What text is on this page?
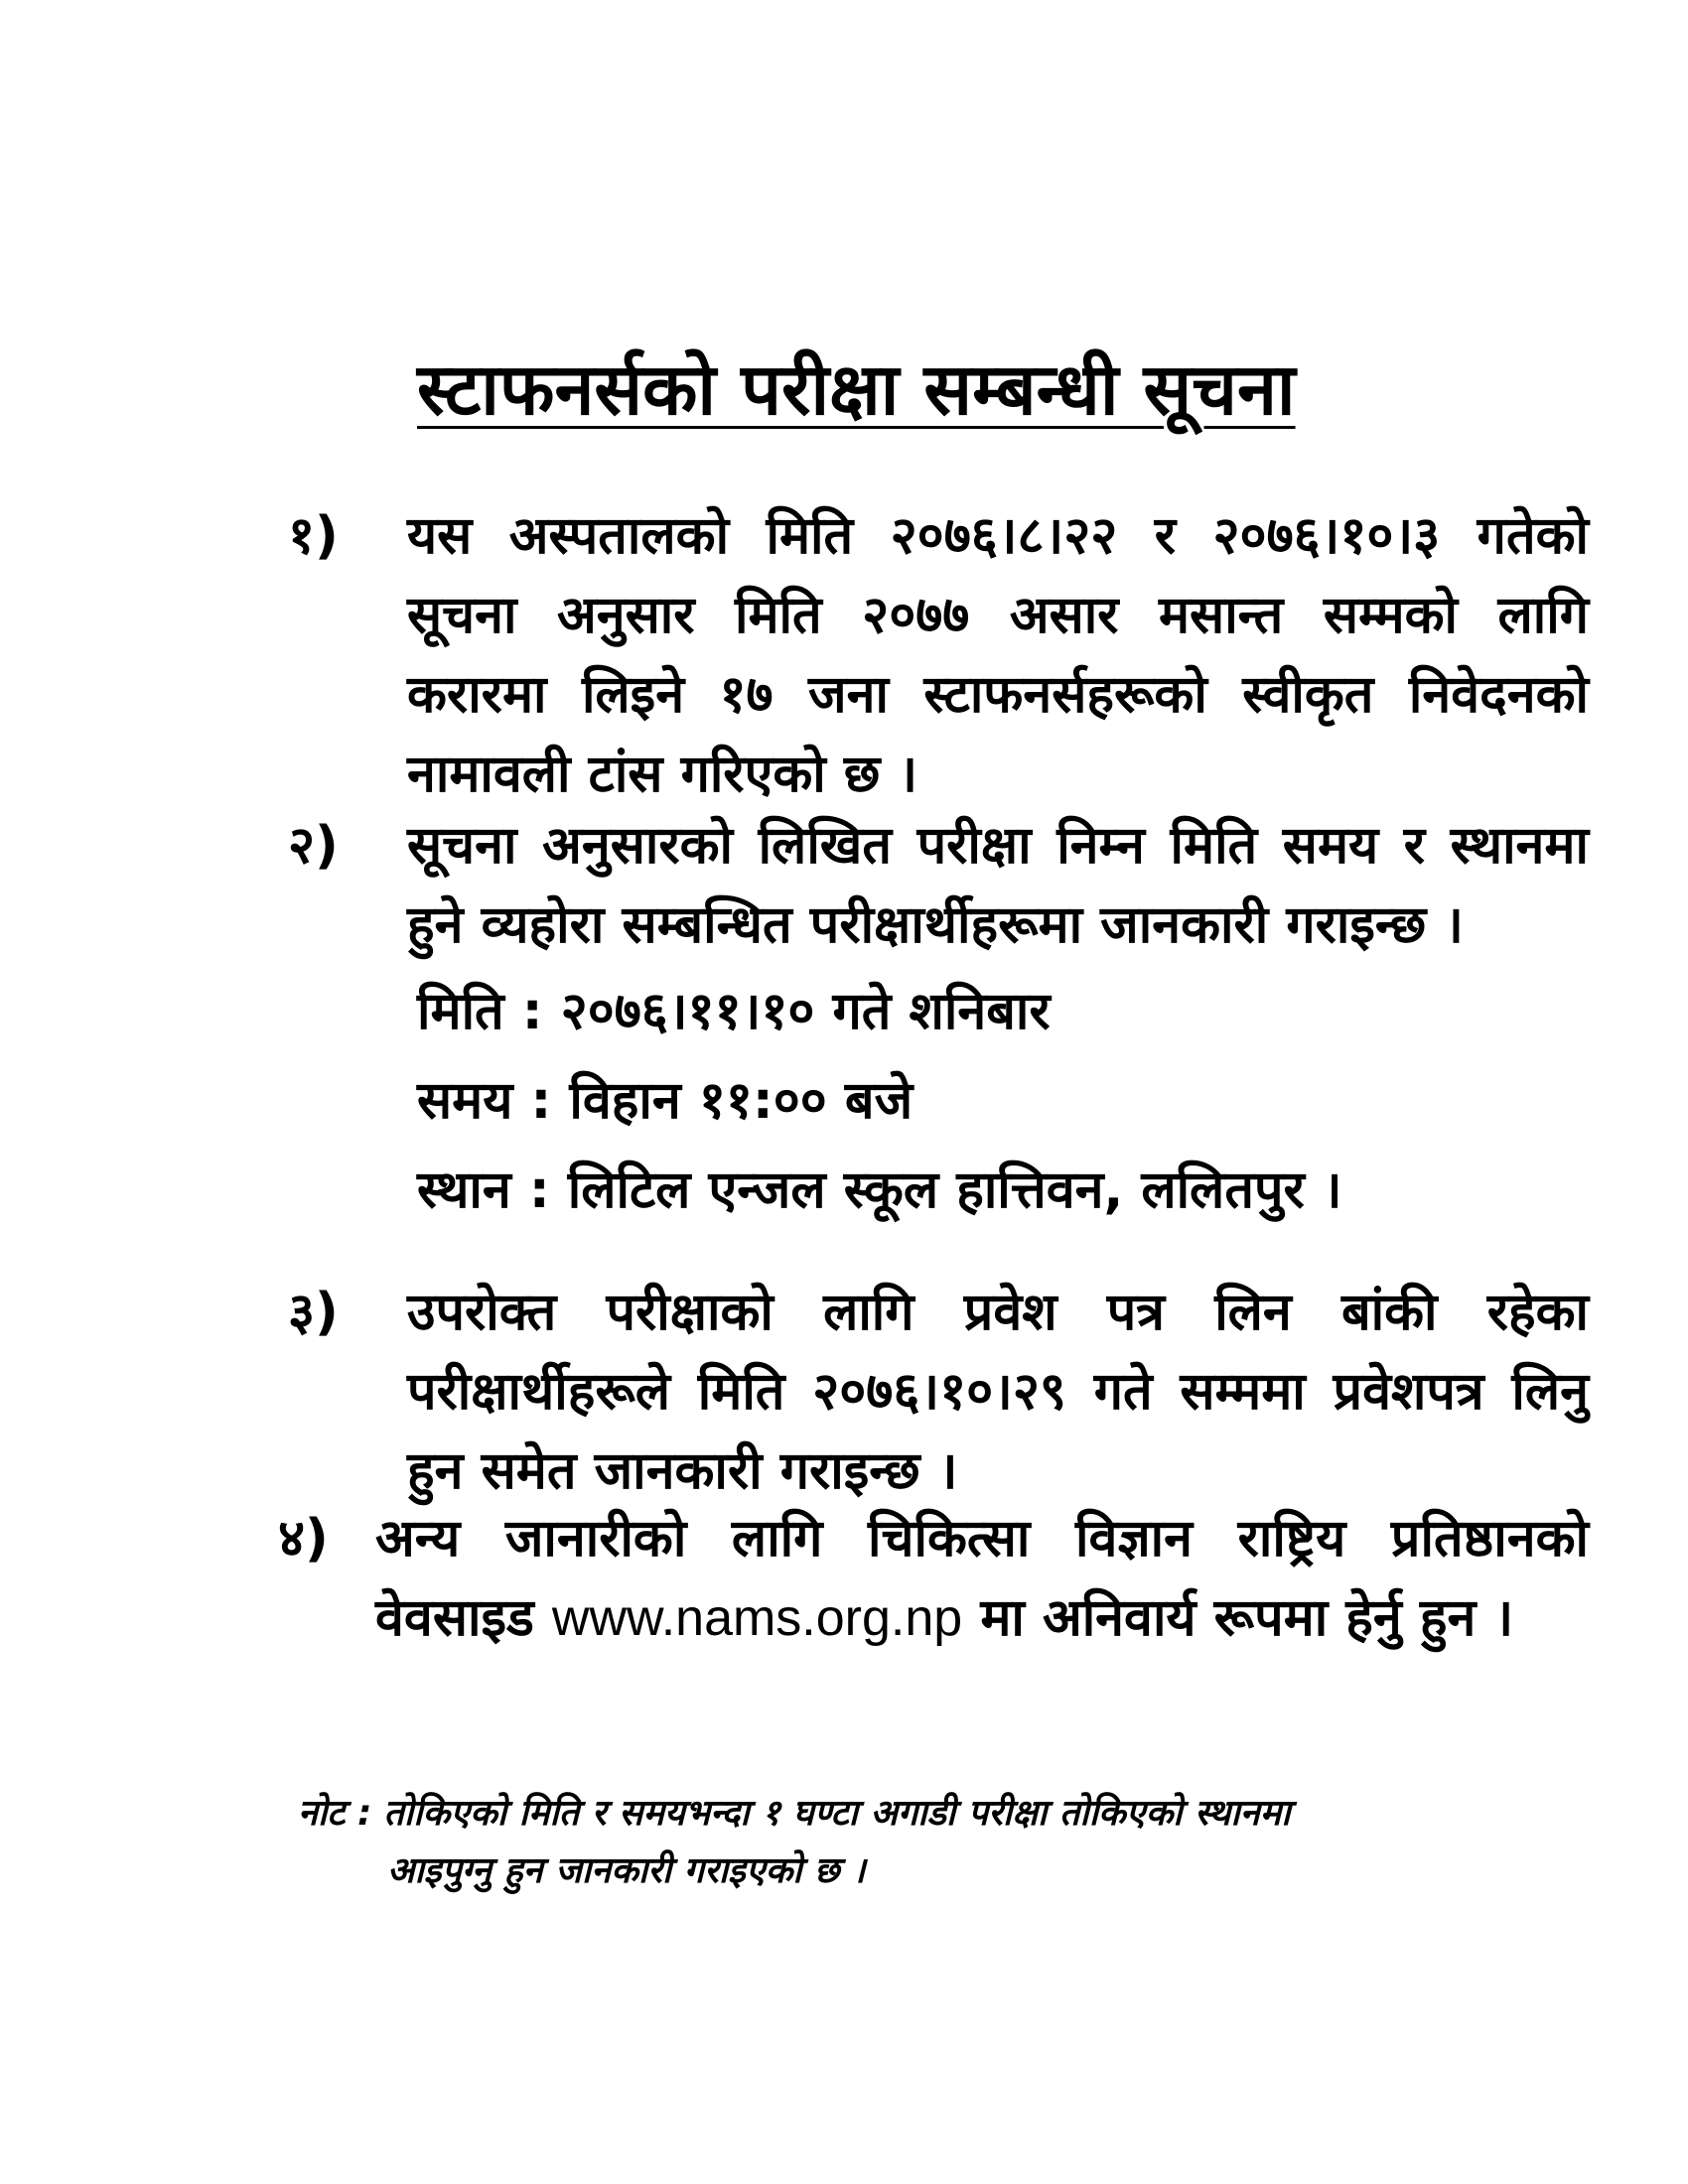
स्टाफनर्सको परीक्षा सम्बन्धी सूचना
१) यस अस्पतालको मिति २०७६।८।२२ र २०७६।१०।३ गतेको सूचना अनुसार मिति २०७७ असार मसान्त सम्मको लागि करारमा लिइने १७ जना स्टाफनर्सहरूको स्वीकृत निवेदनको नामावली टांस गरिएको छ ।
२) सूचना अनुसारको लिखित परीक्षा निम्न मिति समय र स्थानमा हुने व्यहोरा सम्बन्धित परीक्षार्थीहरूमा जानकारी गराइन्छ ।
मिति : २०७६।११।१० गते शनिबार
समय : विहान ११:०० बजे
स्थान : लिटिल एन्जल स्कूल हात्तिवन, ललितपुर ।
३) उपरोक्त परीक्षाको लागि प्रवेश पत्र लिन बांकी रहेका परीक्षार्थीहरूले मिति २०७६।१०।२९ गते सम्ममा प्रवेशपत्र लिनु हुन समेत जानकारी गराइन्छ ।
४) अन्य जानारीको लागि चिकित्सा विज्ञान राष्ट्रिय प्रतिष्ठानको वेवसाइड www.nams.org.np मा अनिवार्य रूपमा हेर्नु हुन ।
नोट : तोकिएको मिति र समयभन्दा १ घण्टा अगाडी परीक्षा तोकिएको स्थानमा
आइपुग्नु हुन जानकारी गराइएको छ ।
